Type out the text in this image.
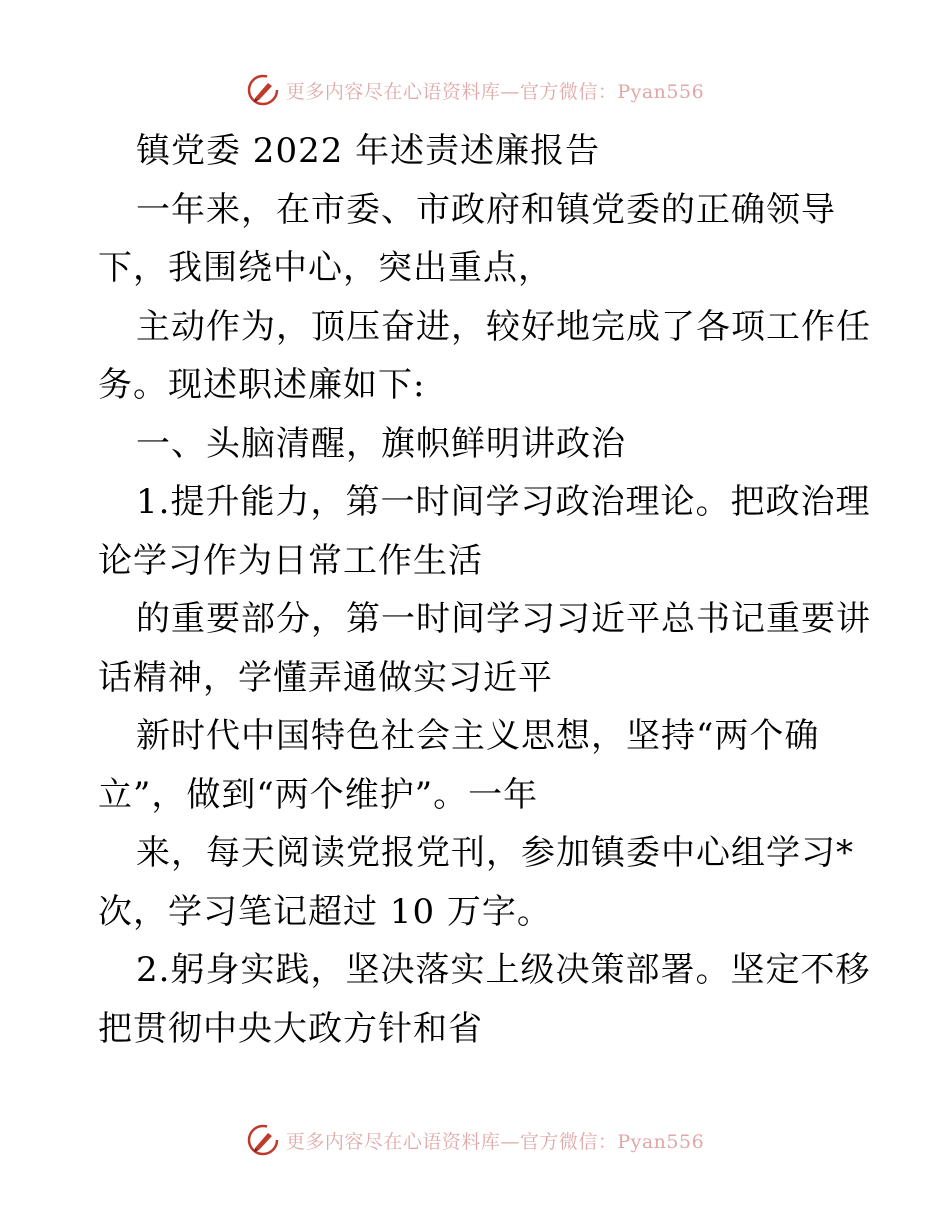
更多内容尽在心语资料库—官方微信：Pyan556
镇党委 2022 年述责述廉报告
一年来，在市委、市政府和镇党委的正确领导
下，我围绕中心，突出重点，
主动作为，顶压奋进，较好地完成了各项工作任
务。现述职述廉如下:
一、头脑清醒，旗帜鲜明讲政治
1.提升能力，第一时间学习政治理论。把政治理
论学习作为日常工作生活
的重要部分，第一时间学习习近平总书记重要讲
话精神，学懂弄通做实习近平
新时代中国特色社会主义思想，坚持“两个确
立”，做到“两个维护”。一年
来，每天阅读党报党刊，参加镇委中心组学习*
次，学习笔记超过 10 万字。
2.躬身实践，坚决落实上级决策部署。坚定不移
把贯彻中央大政方针和省
更多内容尽在心语资料库—官方微信：Pyan556
